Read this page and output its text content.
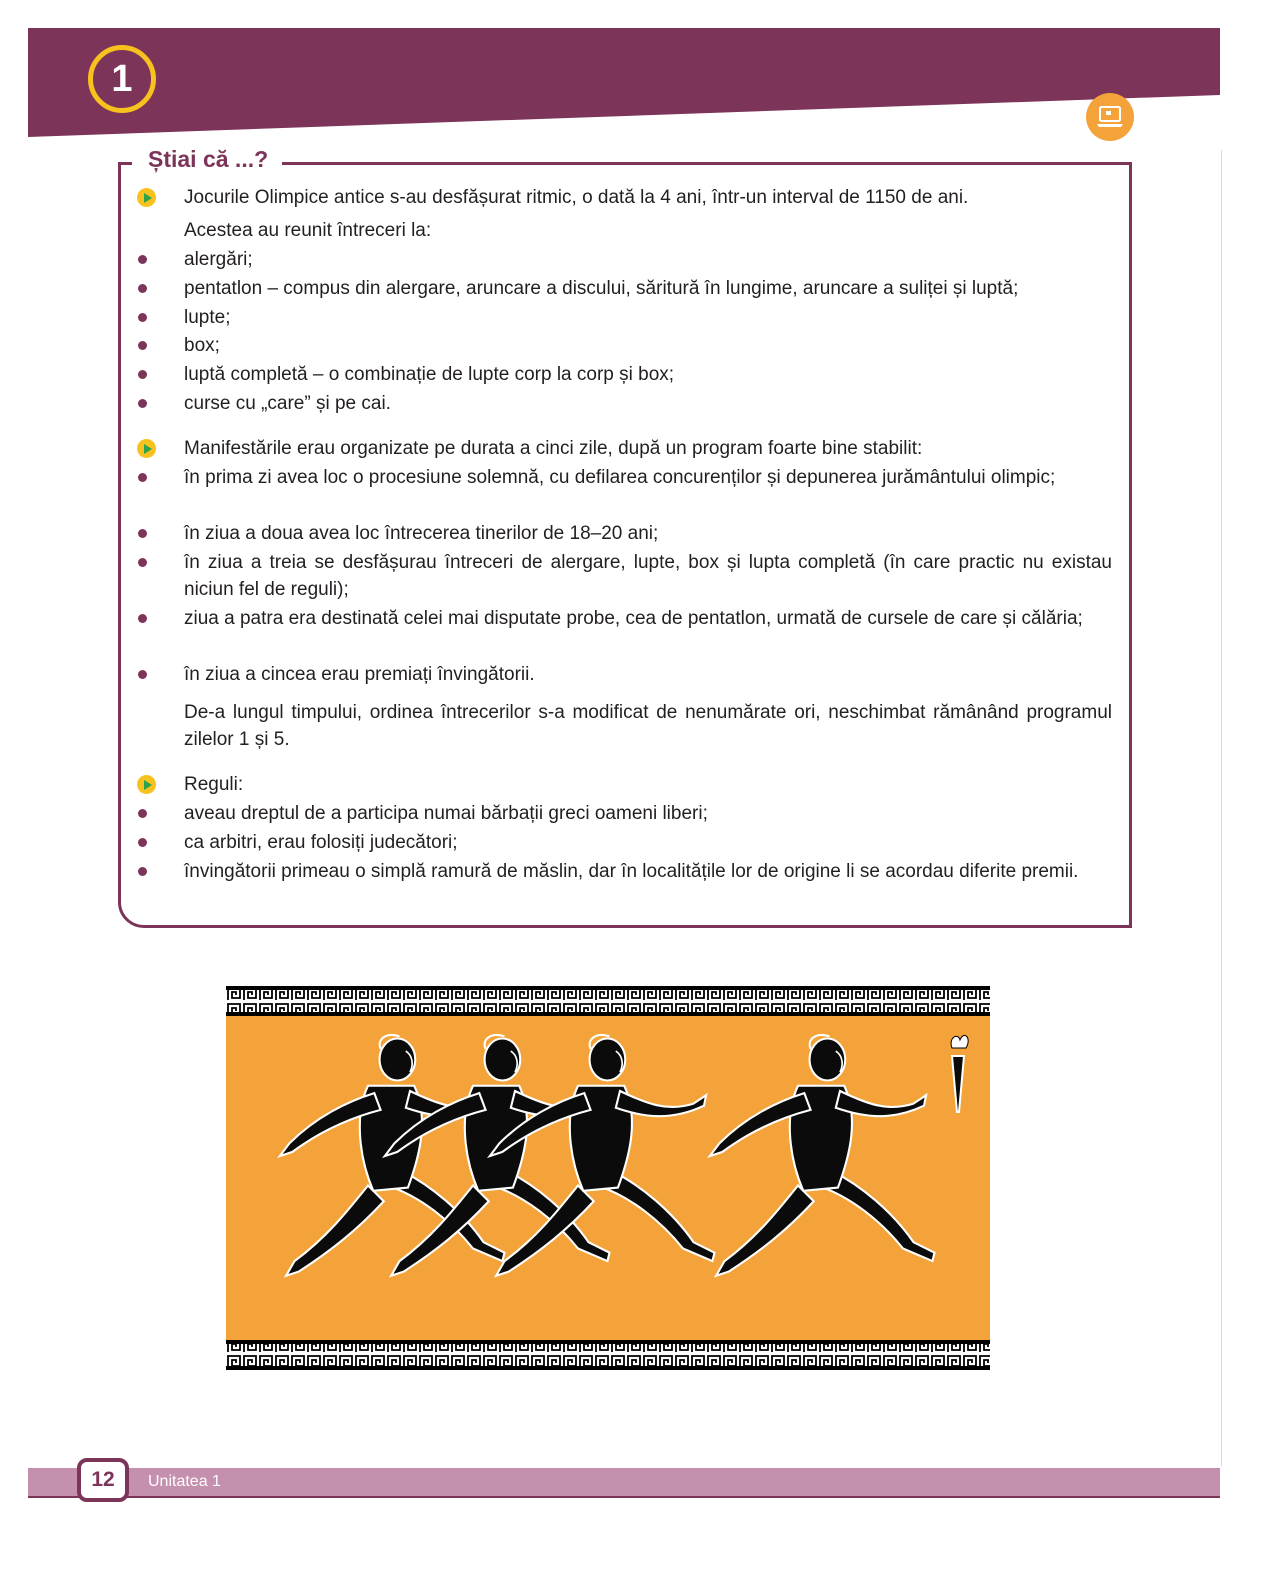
1
Știai că ...?
Jocurile Olimpice antice s-au desfășurat ritmic, o dată la 4 ani, într-un interval de 1150 de ani.
Acestea au reunit întreceri la:
alergări;
pentatlon – compus din alergare, aruncare a discului, săritură în lungime, aruncare a suliței și luptă;
lupte;
box;
luptă completă – o combinație de lupte corp la corp și box;
curse cu „care” și pe cai.
Manifestările erau organizate pe durata a cinci zile, după un program foarte bine stabilit:
în prima zi avea loc o procesiune solemnă, cu defilarea concurenților și depunerea jurământului olimpic;
în ziua a doua avea loc întrecerea tinerilor de 18–20 ani;
în ziua a treia se desfășurau întreceri de alergare, lupte, box și lupta completă (în care practic nu existau niciun fel de reguli);
ziua a patra era destinată celei mai disputate probe, cea de pentatlon, urmată de cursele de care și călăria;
în ziua a cincea erau premiați învingătorii.
De-a lungul timpului, ordinea întrecerilor s-a modificat de nenumărate ori, neschimbat rămânând programul zilelor 1 și 5.
Reguli:
aveau dreptul de a participa numai bărbații greci oameni liberi;
ca arbitri, erau folosiți judecători;
învingătorii primeau o simplă ramură de măslin, dar în localitățile lor de origine li se acordau diferite premii.
12	Unitatea 1
